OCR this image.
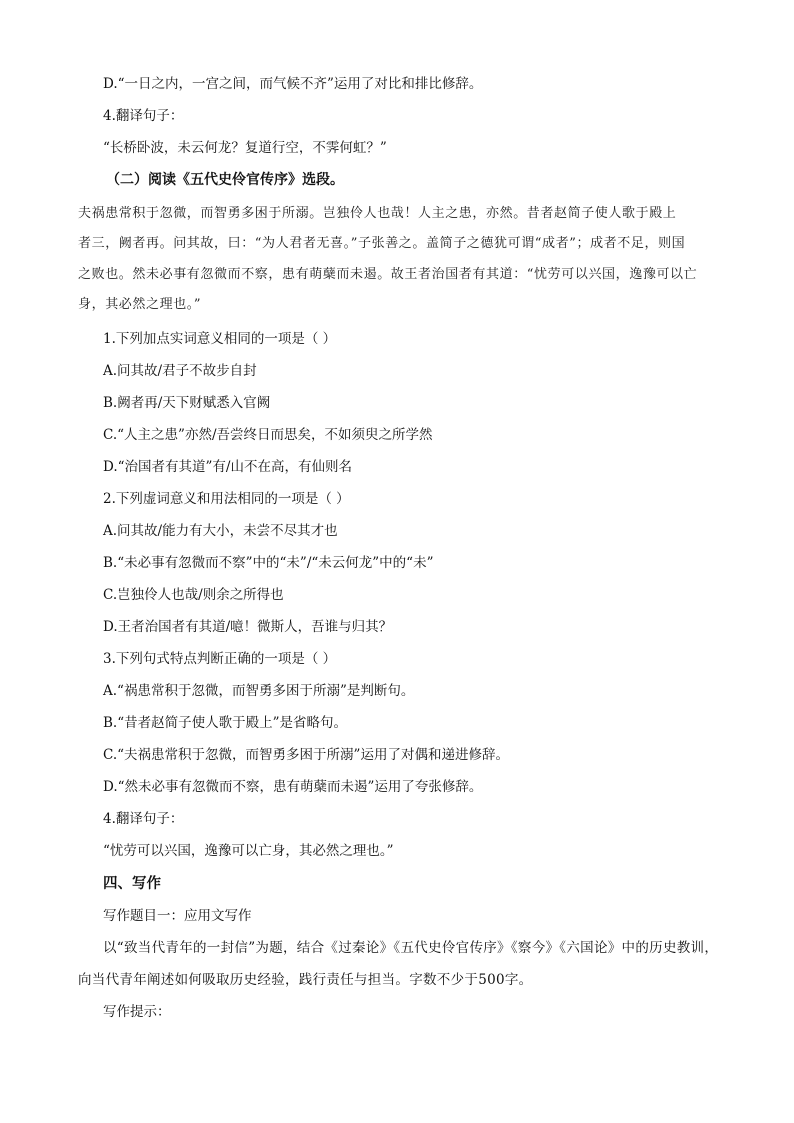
D.“一日之内，一宫之间，而气候不齐”运用了对比和排比修辞。
4.翻译句子：
“长桥卧波，未云何龙？复道行空，不霁何虹？”
（二）阅读《五代史伶官传序》选段。
夫祸患常积于忽微，而智勇多困于所溺。岂独伶人也哉！人主之患，亦然。昔者赵简子使人歌于殿上
者三，阙者再。问其故，曰：“为人君者无喜。”子张善之。盖简子之德犹可谓“成者”；成者不足，则国
之败也。然未必事有忽微而不察，患有萌蘖而未遏。故王者治国者有其道：“忧劳可以兴国，逸豫可以亡
身，其必然之理也。”
1.下列加点实词意义相同的一项是（ ）
A.问其故/君子不故步自封
B.阙者再/天下财赋悉入官阙
C.“人主之患”亦然/吾尝终日而思矣，不如须臾之所学然
D.“治国者有其道”有/山不在高，有仙则名
2.下列虚词意义和用法相同的一项是（ ）
A.问其故/能力有大小，未尝不尽其才也
B.“未必事有忽微而不察”中的“未”/“未云何龙”中的“未”
C.岂独伶人也哉/则余之所得也
D.王者治国者有其道/噫！微斯人，吾谁与归其？
3.下列句式特点判断正确的一项是（ ）
A.“祸患常积于忽微，而智勇多困于所溺”是判断句。
B.“昔者赵简子使人歌于殿上”是省略句。
C.“夫祸患常积于忽微，而智勇多困于所溺”运用了对偶和递进修辞。
D.“然未必事有忽微而不察，患有萌蘖而未遏”运用了夸张修辞。
4.翻译句子：
“忧劳可以兴国，逸豫可以亡身，其必然之理也。”
四、写作
写作题目一：应用文写作
以“致当代青年的一封信”为题，结合《过秦论》《五代史伶官传序》《察今》《六国论》中的历史教训，
向当代青年阐述如何吸取历史经验，践行责任与担当。字数不少于500字。
写作提示：
